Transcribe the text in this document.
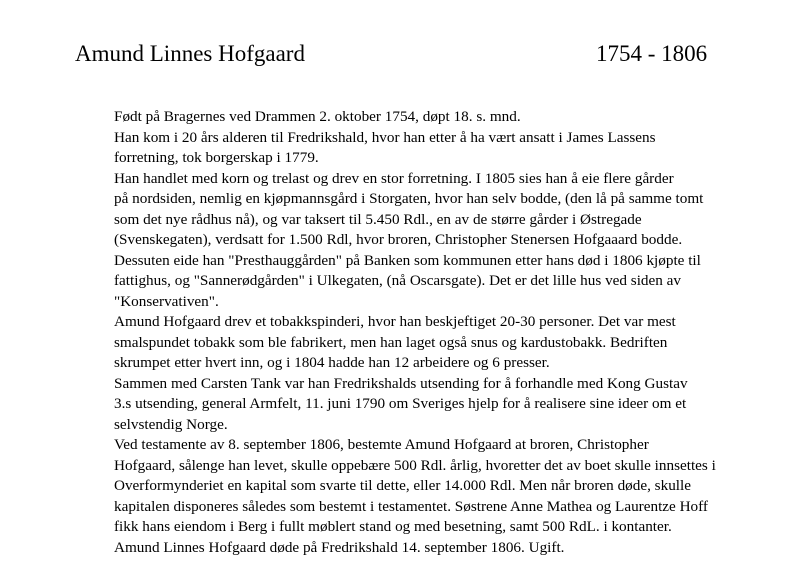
Amund Linnes Hofgaard	1754 - 1806

Født på Bragernes ved Drammen 2. oktober 1754, døpt 18. s. mnd.

Han kom i 20 års alderen til Fredrikshald, hvor han etter å ha vært ansatt i James Lassens
forretning, tok borgerskap i 1779.

Han handlet med korn og trelast og drev en stor forretning. I 1805 sies han å eie flere gårder
på nordsiden, nemlig en kjøpmannsgård i Storgaten, hvor han selv bodde, (den lå på samme tomt
som det nye rådhus nå), og var taksert til 5.450 Rdl., en av de større gårder i Østregade
(Svenskegaten), verdsatt for 1.500 Rdl, hvor broren, Christopher Stenersen Hofgaaard bodde.
Dessuten eide han "Presthauggården" på Banken som kommunen etter hans død i 1806 kjøpte til
fattighus, og "Sannerødgården" i Ulkegaten, (nå Oscarsgate). Det er det lille hus ved siden av
"Konservativen".

Amund Hofgaard drev et tobakkspinderi, hvor han beskjeftiget 20-30 personer. Det var mest
smalspundet tobakk som ble fabrikert, men han laget også snus og kardustobakk. Bedriften
skrumpet etter hvert inn, og i 1804 hadde han 12 arbeidere og 6 presser.

Sammen med Carsten Tank var han Fredrikshalds utsending for å forhandle med Kong Gustav
3.s utsending, general Armfelt, 11. juni 1790 om Sveriges hjelp for å realisere sine ideer om et
selvstendig Norge.

Ved testamente av 8. september 1806, bestemte Amund Hofgaard at broren, Christopher
Hofgaard, sålenge han levet, skulle oppebære 500 Rdl. årlig, hvoretter det av boet skulle innsettes i
Overformynderiet en kapital som svarte til dette, eller 14.000 Rdl. Men når broren døde, skulle
kapitalen disponeres således som bestemt i testamentet. Søstrene Anne Mathea og Laurentze Hoff
fikk hans eiendom i Berg i fullt møblert stand og med besetning, samt 500 RdL. i kontanter.

Amund Linnes Hofgaard døde på Fredrikshald 14. september 1806. Ugift.
